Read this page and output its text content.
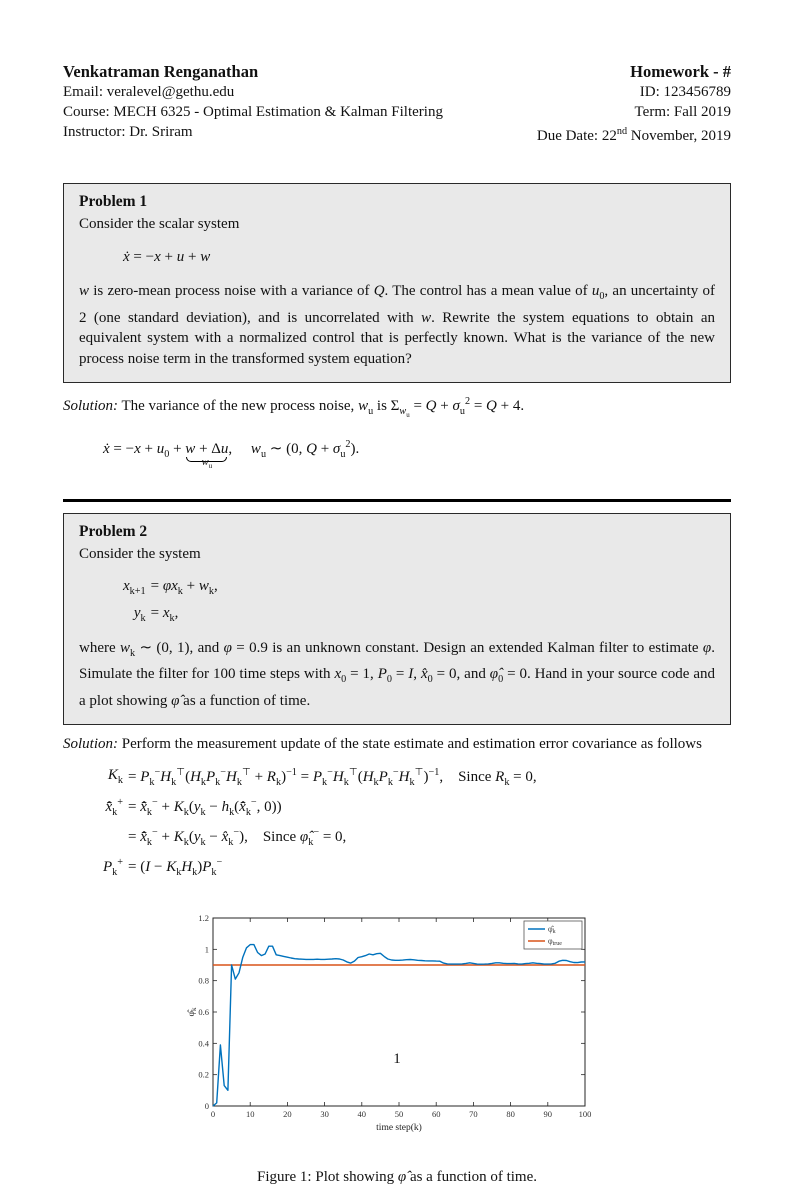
Venkatraman Renganathan
Email: veralevel@gethu.edu
Course: MECH 6325 - Optimal Estimation & Kalman Filtering
Instructor: Dr. Sriram
Homework - #
ID: 123456789
Term: Fall 2019
Due Date: 22nd November, 2019
Problem 1
Consider the scalar system
ẋ = −x + u + w
w is zero-mean process noise with a variance of Q. The control has a mean value of $u_0$, an uncertainty of 2 (one standard deviation), and is uncorrelated with w. Rewrite the system equations to obtain an equivalent system with a normalized control that is perfectly known. What is the variance of the new process noise term in the transformed system equation?
Solution: The variance of the new process noise, $w_u$ is $\Sigma_{w_u} = Q + \sigma_u^2 = Q + 4$.
ẋ = $-x + u_0 + w + \Delta u$
$w_u$
,  $w_u$ ∼ (0, $Q + \sigma_u^2$).
Problem 2
Consider the system
$x_{k+1} = \varphi x_k + w_k$,
$y_k = x_k$,
where $w_k$ ∼ (0, 1), and φ = 0.9 is an unknown constant. Design an extended Kalman filter to estimate φ. Simulate the filter for 100 time steps with $x_0 = 1$, $P_0 = I$, $x̂_0 = 0$, and $\varphî_0 = 0$. Hand in your source code and a plot showing φ̂ as a function of time.
Solution: Perform the measurement update of the state estimate and estimation error covariance as follows
$K_k = P_k^-H_k^⊤(H_kP_k^-H_k^⊤ + R_k)^{-1} = P_k^-H_k^⊤(H_kP_k^-H_k^⊤)^{-1}$, Since $R_k = 0$,
$x̄̂_k^+$ = $x̄̂_k^- + K_k(y_k$ − $h_k(x̄̂_k^-$, 0))
= $x̄̂_k^- + K_k(y_k$ − $x̂_k^-$), Since $\varphî_k^- = 0$,
$P_k^+ = (I - K_kH_k)P_k^-$
0	10	20	30	40	50	60	70	80	90	100
0
0.2
0.4
0.6
0.8
1
1.2
time step(k)
$\varphî_k$
φ̂k
φtrue
Figure 1: Plot showing φ̂ as a function of time.
1
